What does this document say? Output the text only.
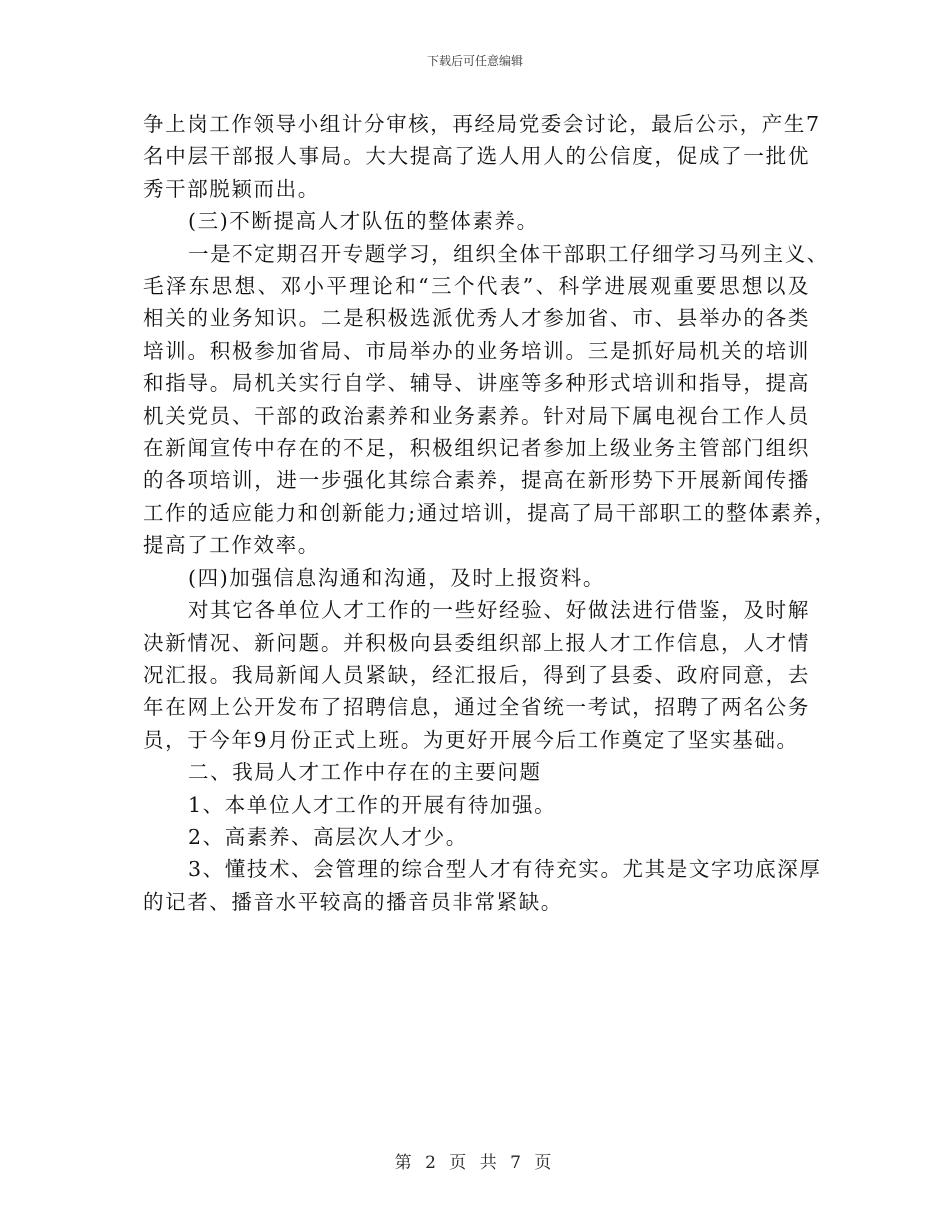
下载后可任意编辑

争上岗工作领导小组计分审核，再经局党委会讨论，最后公示，产生7
名中层干部报人事局。大大提高了选人用人的公信度，促成了一批优
秀干部脱颖而出。

(三)不断提高人才队伍的整体素养。

一是不定期召开专题学习，组织全体干部职工仔细学习马列主义、
毛泽东思想、邓小平理论和“三个代表”、科学进展观重要思想以及
相关的业务知识。二是积极选派优秀人才参加省、市、县举办的各类
培训。积极参加省局、市局举办的业务培训。三是抓好局机关的培训
和指导。局机关实行自学、辅导、讲座等多种形式培训和指导，提高
机关党员、干部的政治素养和业务素养。针对局下属电视台工作人员
在新闻宣传中存在的不足，积极组织记者参加上级业务主管部门组织
的各项培训，进一步强化其综合素养，提高在新形势下开展新闻传播
工作的适应能力和创新能力;通过培训，提高了局干部职工的整体素养，
提高了工作效率。

(四)加强信息沟通和沟通，及时上报资料。

对其它各单位人才工作的一些好经验、好做法进行借鉴，及时解
决新情况、新问题。并积极向县委组织部上报人才工作信息，人才情
况汇报。我局新闻人员紧缺，经汇报后，得到了县委、政府同意，去
年在网上公开发布了招聘信息，通过全省统一考试，招聘了两名公务
员，于今年9月份正式上班。为更好开展今后工作奠定了坚实基础。

二、我局人才工作中存在的主要问题

1、本单位人才工作的开展有待加强。

2、高素养、高层次人才少。

3、懂技术、会管理的综合型人才有待充实。尤其是文字功底深厚
的记者、播音水平较高的播音员非常紧缺。

第 2 页 共 7 页
